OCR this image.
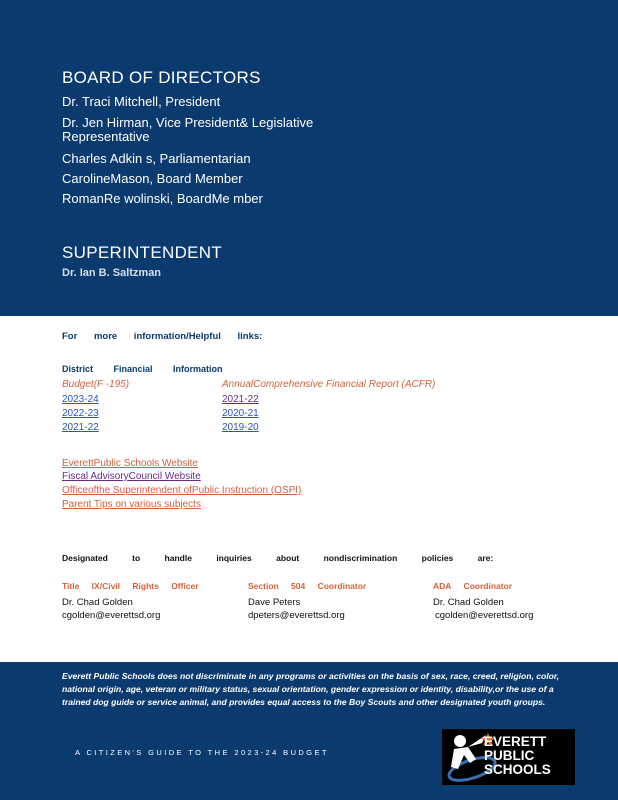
BOARD OF DIRECTORS
Dr. Traci Mitchell, President
Dr. Jen Hirman, Vice President& Legislative Representative
Charles Adkin s, Parliamentarian
CarolineMason, Board Member
RomanRe wolinski, BoardMe mber
SUPERINTENDENT
Dr. Ian B. Saltzman
For more information/Helpful links:
District Financial Information
Budget(F -195)
2023-24
2022-23
2021-22
AnnualComprehensive Financial Report (ACFR)
2021-22
2020-21
2019-20
EverettPublic Schools Website
Fiscal AdvisoryCouncil Website
Officeofthe Superintendent ofPublic Instruction (OSPI)
Parent Tips on various subjects
Designated to handle inquiries about nondiscrimination policies are:
Title IX/Civil Rights Officer
Dr. Chad Golden
cgolden@everettsd.org
Section 504 Coordinator
Dave Peters
dpeters@everettsd.org
ADA Coordinator
Dr. Chad Golden
cgolden@everettsd.org
Everett Public Schools does not discriminate in any programs or activities on the basis of sex, race, creed, religion, color, national origin, age, veteran or military status, sexual orientation, gender expression or identity, disability,or the use of a trained dog guide or service animal, and provides equal access to the Boy Scouts and other designated youth groups.
A CITIZEN'S GUIDE TO THE 2023-24 BUDGET
EVERETT
PUBLIC
SCHOOLS
